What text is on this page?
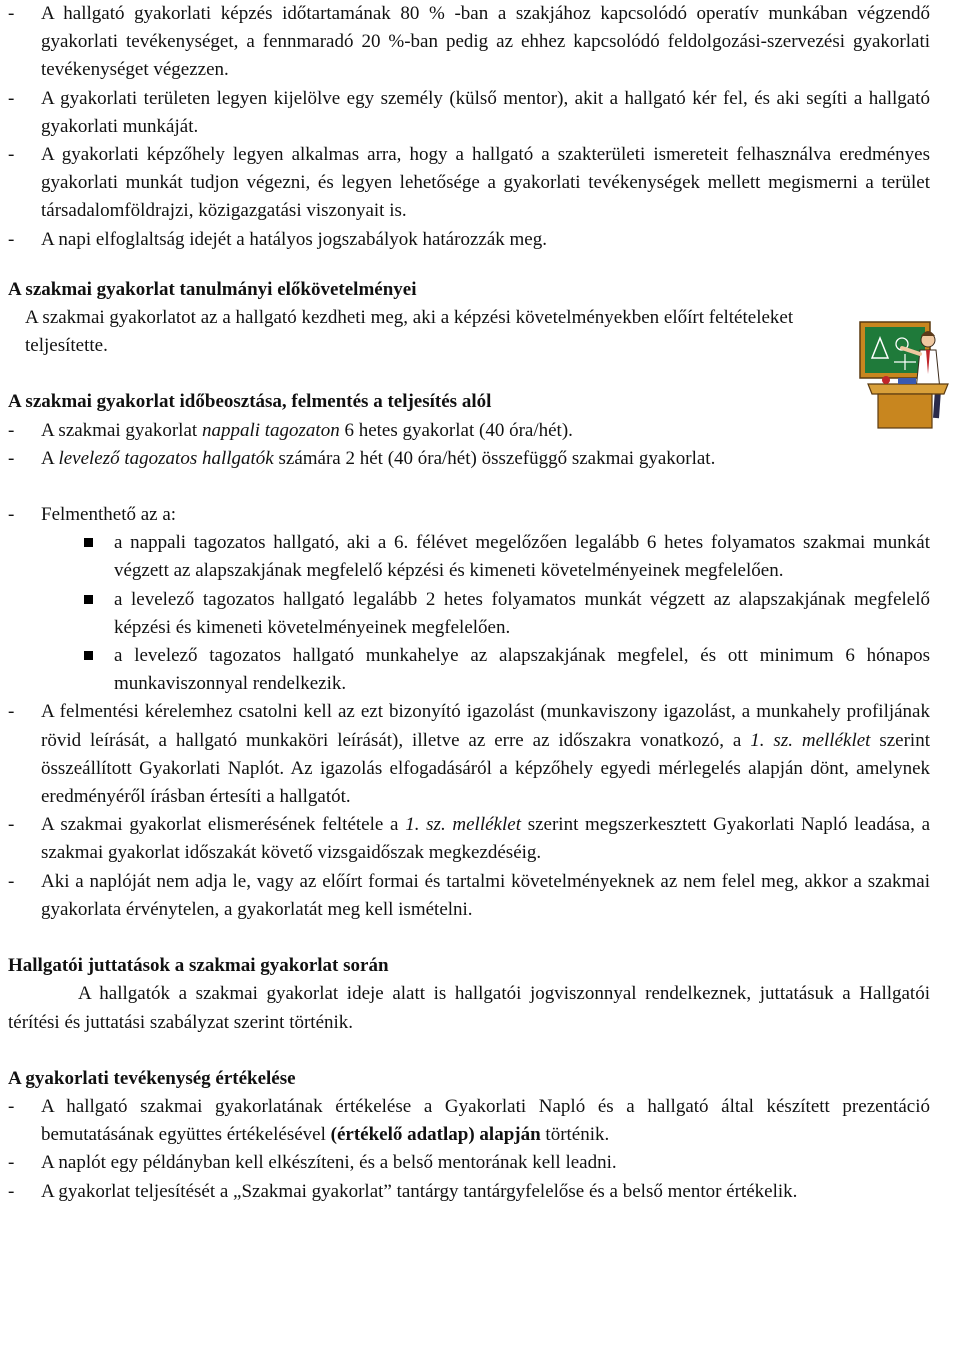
- A hallgató gyakorlati képzés időtartamának 80 % -ban a szakjához kapcsolódó operatív munkában végzendő gyakorlati tevékenységet, a fennmaradó 20 %-ban pedig az ehhez kapcsolódó feldolgozási-szervezési gyakorlati tevékenységet végezzen.

- A gyakorlati területen legyen kijelölve egy személy (külső mentor), akit a hallgató kér fel, és aki segíti a hallgató gyakorlati munkáját.

- A gyakorlati képzőhely legyen alkalmas arra, hogy a hallgató a szakterületi ismereteit felhasználva eredményes gyakorlati munkát tudjon végezni, és legyen lehetősége a gyakorlati tevékenységek mellett megismerni a terület társadalomföldrajzi, közigazgatási viszonyait is.

- A napi elfoglaltság idejét a hatályos jogszabályok határozzák meg.

A szakmai gyakorlat tanulmányi előkövetelményei

A szakmai gyakorlatot az a hallgató kezdheti meg, aki a képzési követelményekben előírt feltételeket teljesítette.

A szakmai gyakorlat időbeosztása, felmentés a teljesítés alól

- A szakmai gyakorlat nappali tagozaton 6 hetes gyakorlat (40 óra/hét).

- A levelező tagozatos hallgatók számára 2 hét (40 óra/hét) összefüggő szakmai gyakorlat.

- Felmenthető az a:

a nappali tagozatos hallgató, aki a 6. félévet megelőzően legalább 6 hetes folyamatos szakmai munkát végzett az alapszakjának megfelelő képzési és kimeneti követelményeinek megfelelően.

a levelező tagozatos hallgató legalább 2 hetes folyamatos munkát végzett az alapszakjának megfelelő képzési és kimeneti követelményeinek megfelelően.

a levelező tagozatos hallgató munkahelye az alapszakjának megfelel, és ott minimum 6 hónapos munkaviszonnyal rendelkezik.

- A felmentési kérelemhez csatolni kell az ezt bizonyító igazolást (munkaviszony igazolást, a munkahely profiljának rövid leírását, a hallgató munkaköri leírását), illetve az erre az időszakra vonatkozó, a 1. sz. melléklet szerint összeállított Gyakorlati Naplót. Az igazolás elfogadásáról a képzőhely egyedi mérlegelés alapján dönt, amelynek eredményéről írásban értesíti a hallgatót.

- A szakmai gyakorlat elismerésének feltétele a 1. sz. melléklet szerint megszerkesztett Gyakorlati Napló leadása, a szakmai gyakorlat időszakát követő vizsgaidőszak megkezdéséig.

- Aki a naplóját nem adja le, vagy az előírt formai és tartalmi követelményeknek az nem felel meg, akkor a szakmai gyakorlata érvénytelen, a gyakorlatát meg kell ismételni.

Hallgatói juttatások a szakmai gyakorlat során

A hallgatók a szakmai gyakorlat ideje alatt is hallgatói jogviszonnyal rendelkeznek, juttatásuk a Hallgatói térítési és juttatási szabályzat szerint történik.

A gyakorlati tevékenység értékelése

- A hallgató szakmai gyakorlatának értékelése a Gyakorlati Napló és a hallgató által készített prezentáció bemutatásának együttes értékelésével (értékelő adatlap) alapján történik.

- A naplót egy példányban kell elkészíteni, és a belső mentorának kell leadni.

- A gyakorlat teljesítését a „Szakmai gyakorlat” tantárgy tantárgyfelelőse és a belső mentor értékelik.
